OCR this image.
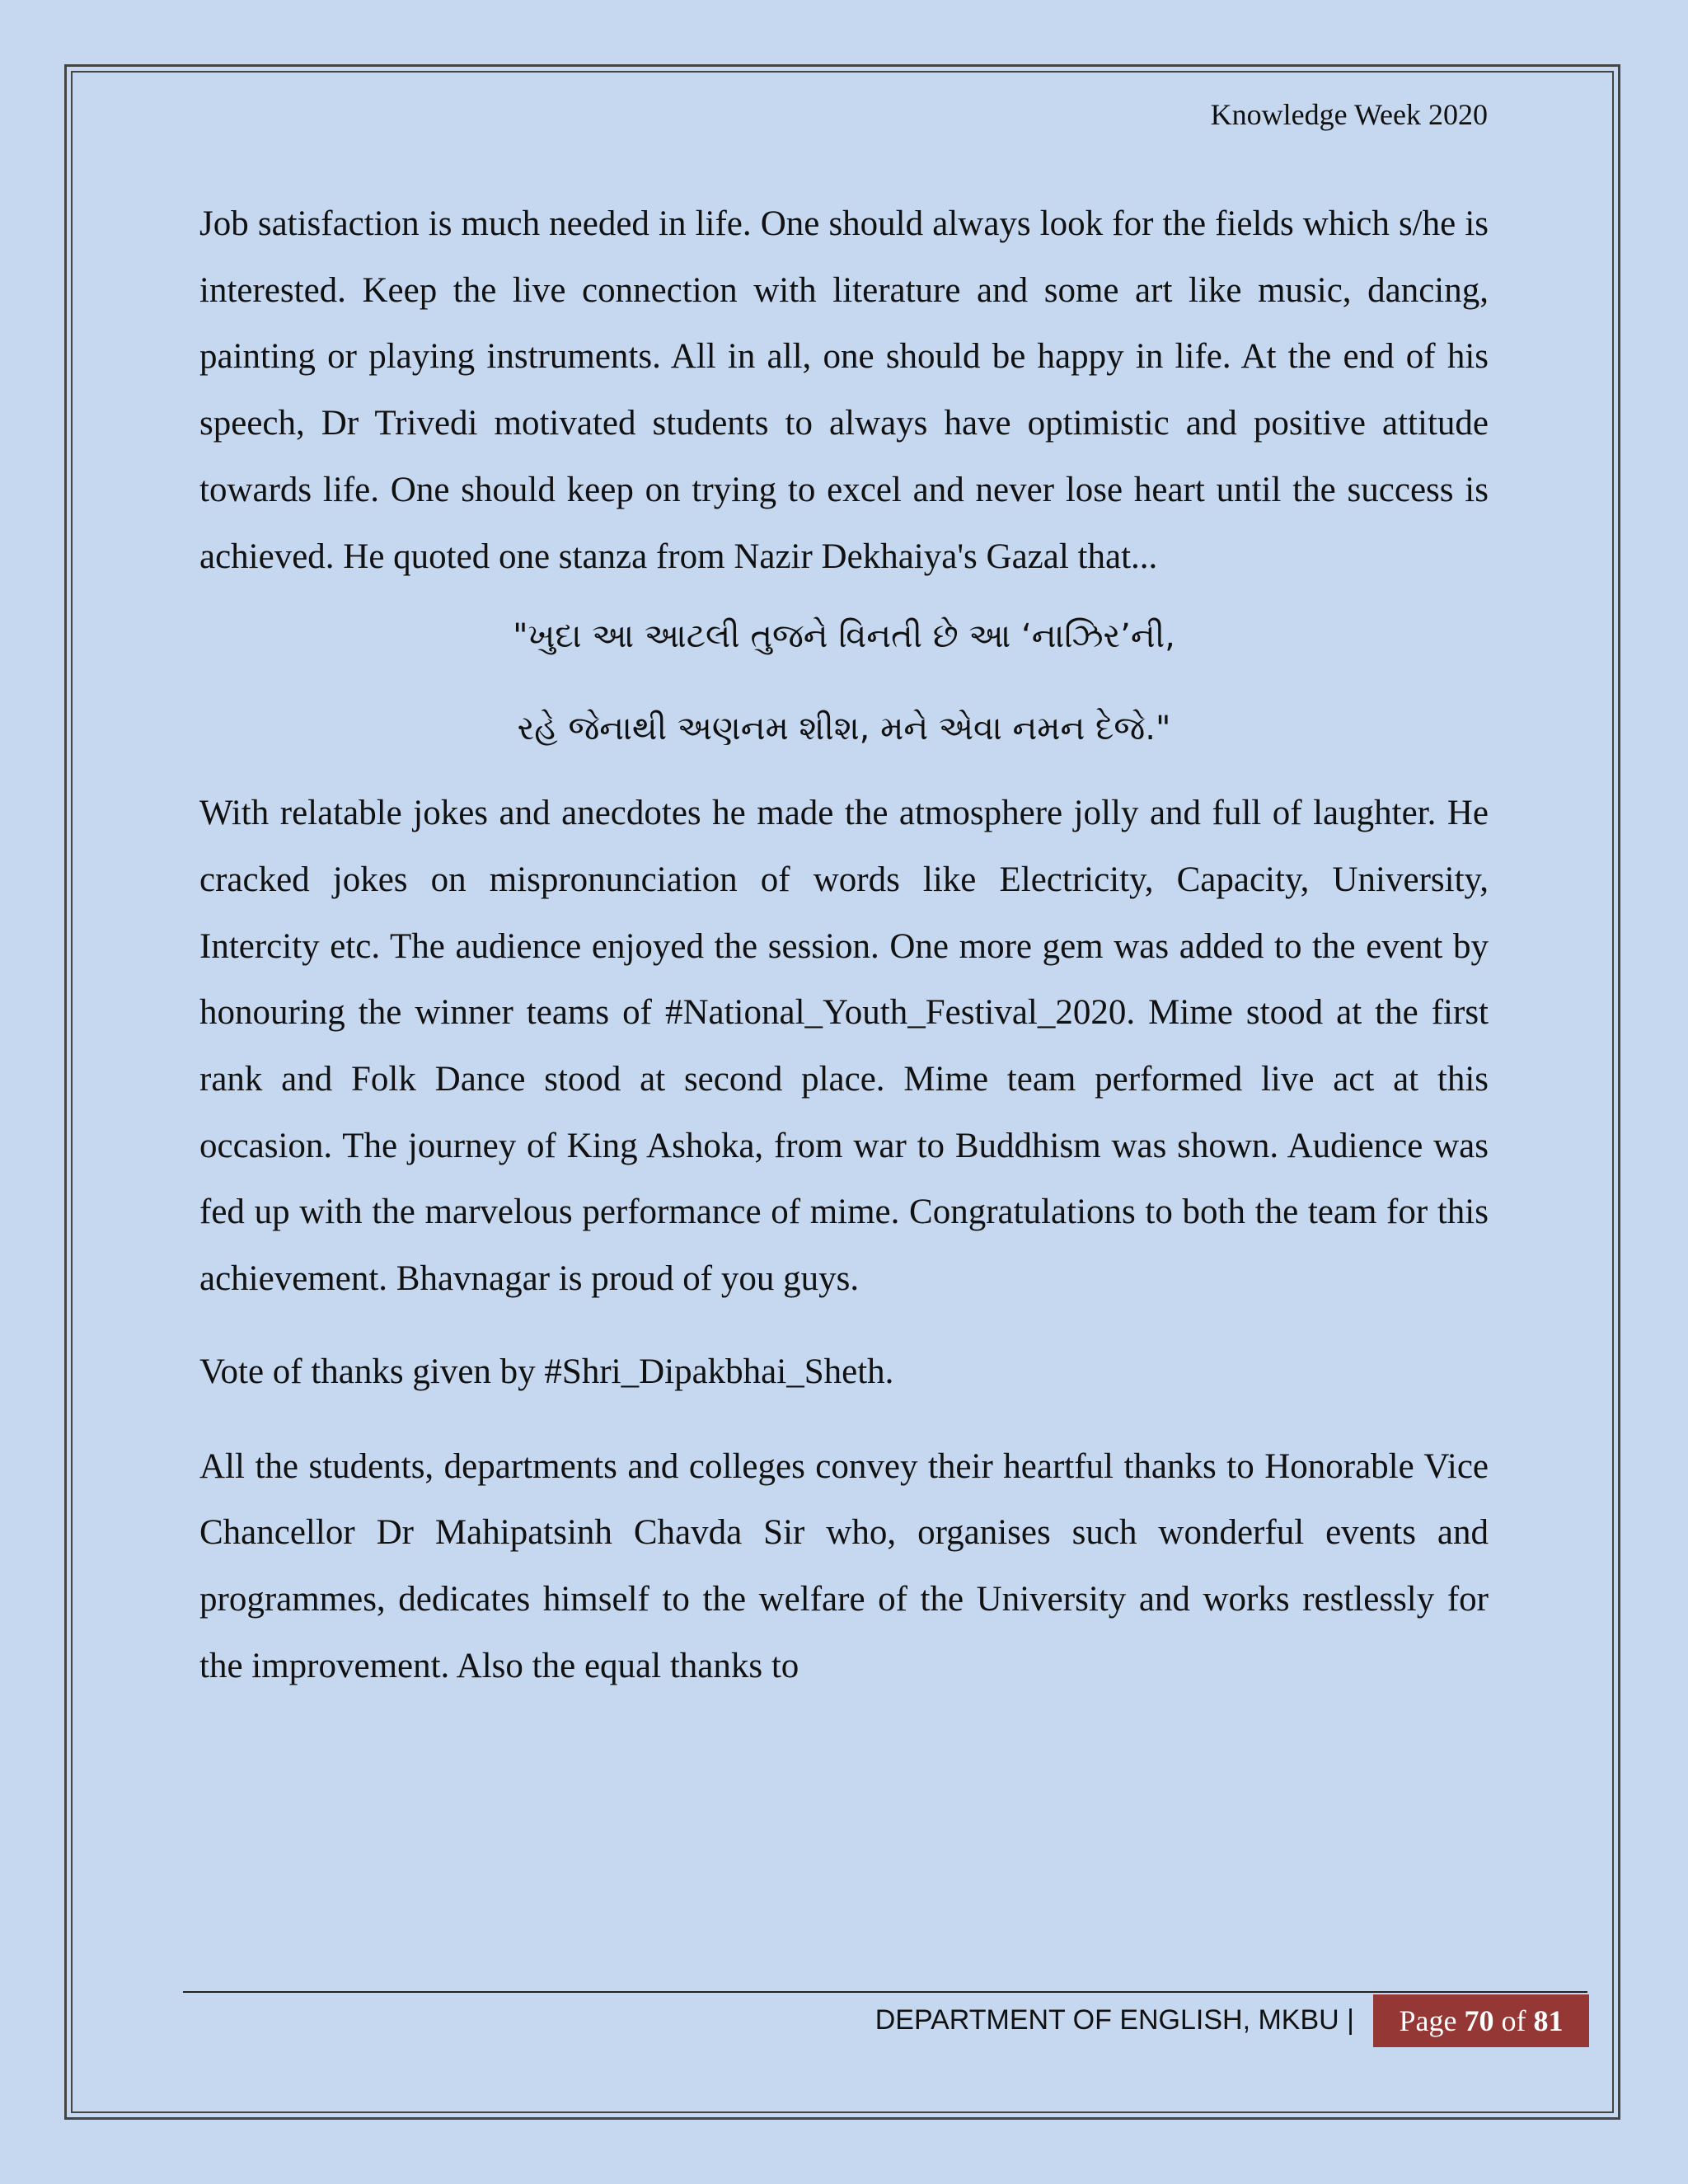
Knowledge Week 2020

Job satisfaction is much needed in life. One should always look for the fields which s/he is interested. Keep the live connection with literature and some art like music, dancing, painting or playing instruments. All in all, one should be happy in life. At the end of his speech, Dr Trivedi motivated students to always have optimistic and positive attitude towards life. One should keep on trying to excel and never lose heart until the success is achieved. He quoted one stanza from Nazir Dekhaiya's Gazal that...

"ખુદા આ આટલી તુજને વિનતી છે આ ‘નાઝિર’ની,

રહે જેનાથી અણનમ શીશ, મને એવા નમન દેજે."

With relatable jokes and anecdotes he made the atmosphere jolly and full of laughter. He cracked jokes on mispronunciation of words like Electricity, Capacity, University, Intercity etc. The audience enjoyed the session. One more gem was added to the event by honouring the winner teams of #National_Youth_Festival_2020. Mime stood at the first rank and Folk Dance stood at second place. Mime team performed live act at this occasion. The journey of King Ashoka, from war to Buddhism was shown. Audience was fed up with the marvelous performance of mime. Congratulations to both the team for this achievement. Bhavnagar is proud of you guys.

Vote of thanks given by #Shri_Dipakbhai_Sheth.

All the students, departments and colleges convey their heartful thanks to Honorable Vice Chancellor Dr Mahipatsinh Chavda Sir who, organises such wonderful events and programmes, dedicates himself to the welfare of the University and works restlessly for the improvement. Also the equal thanks to

DEPARTMENT OF ENGLISH, MKBU | Page
70
of
81
